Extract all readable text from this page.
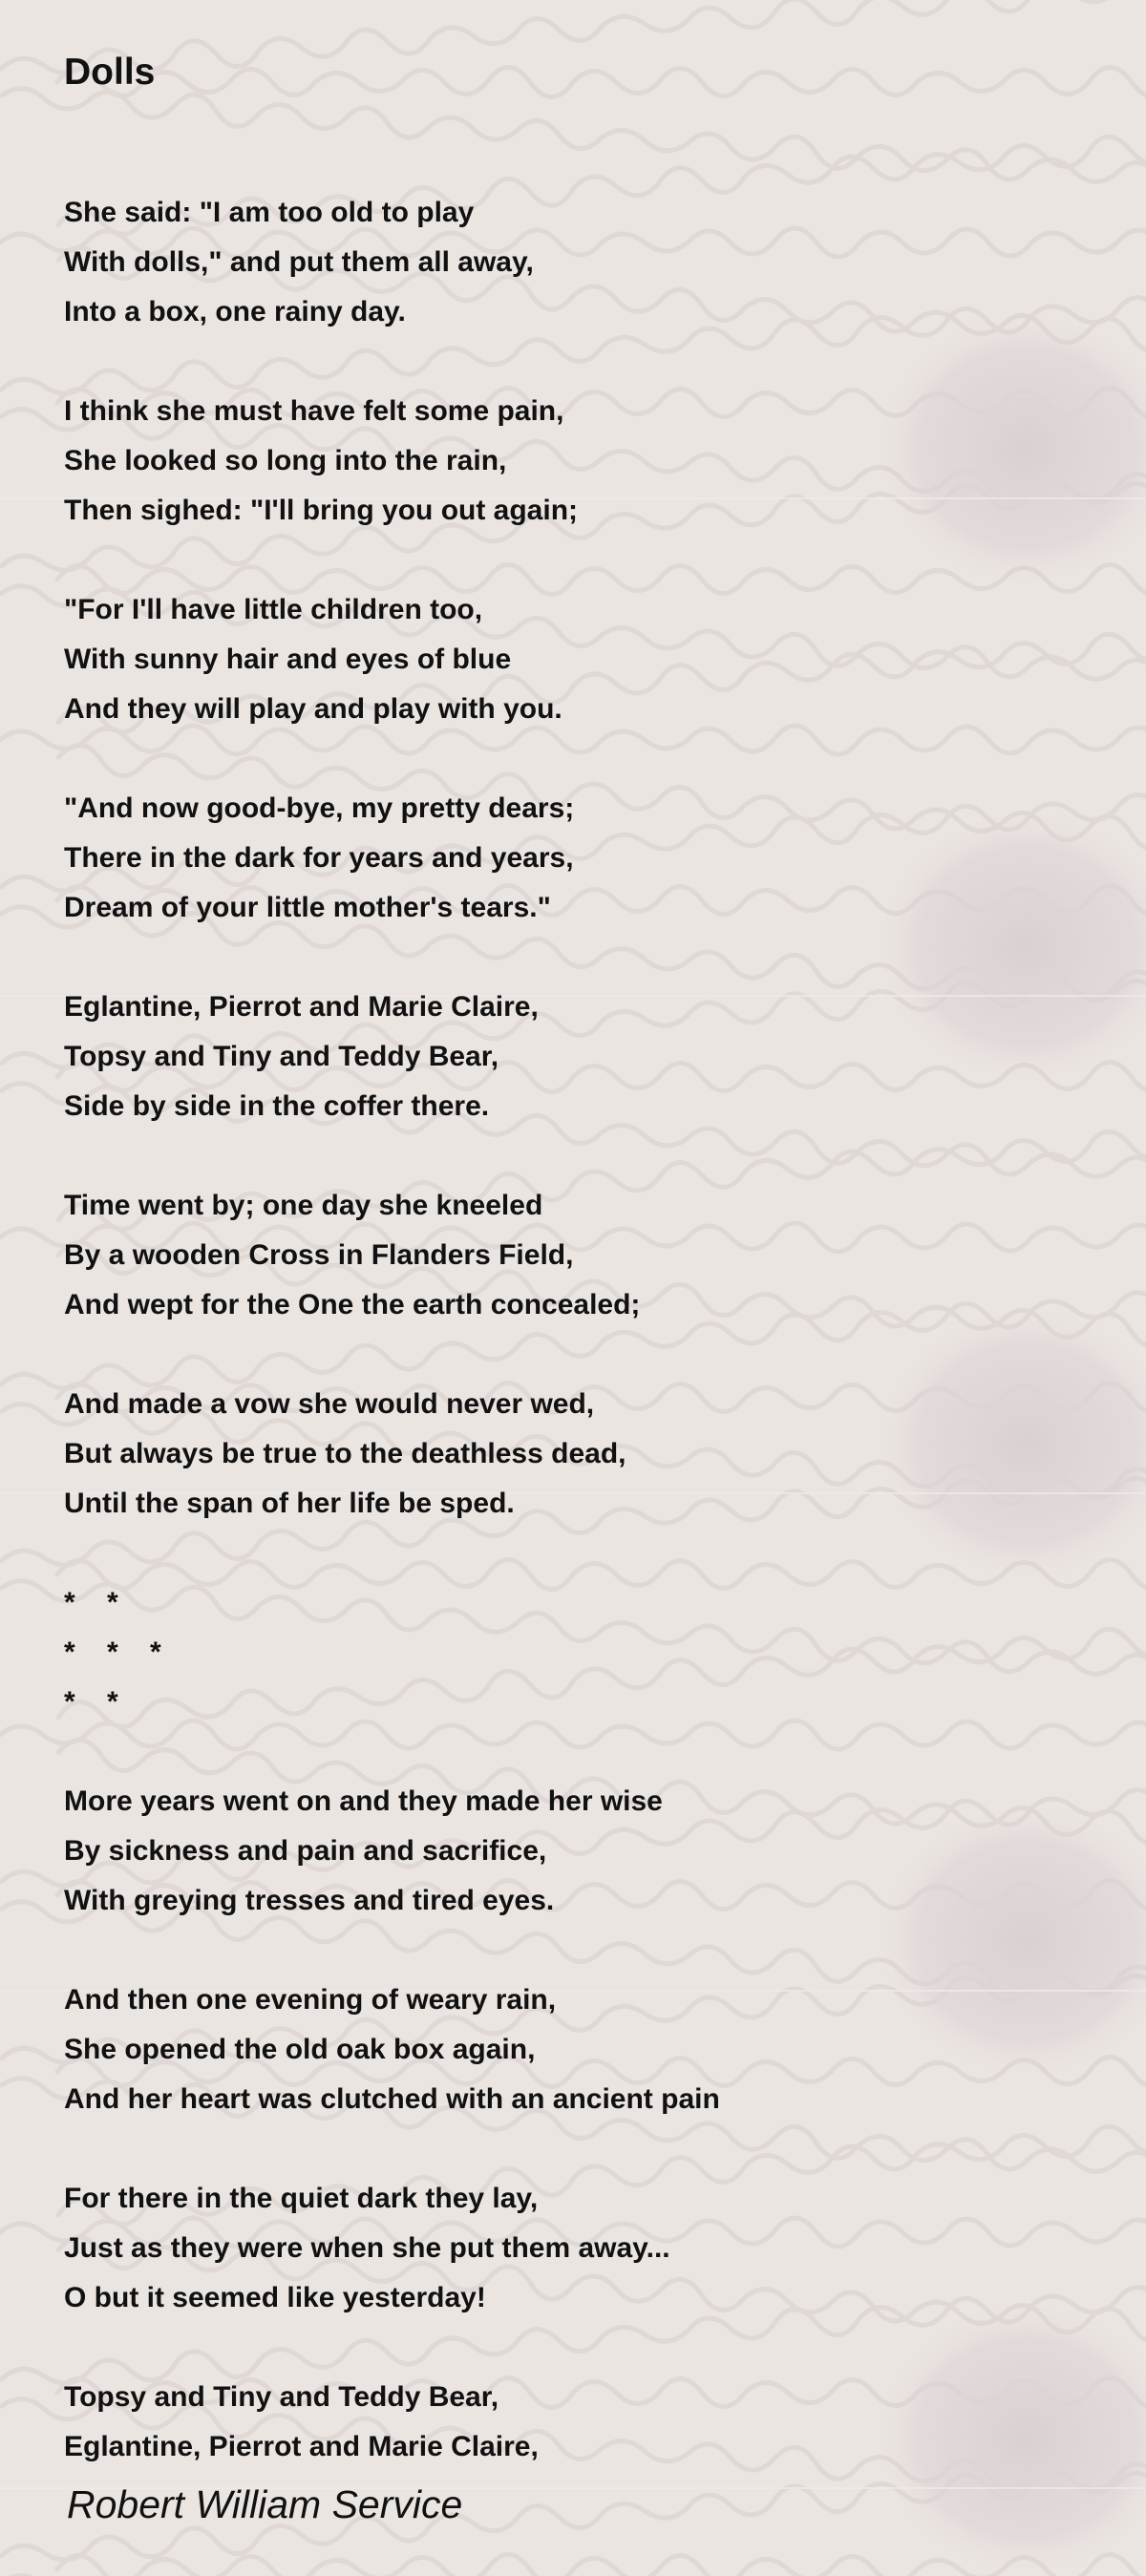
Dolls
She said: "I am too old to play
With dolls," and put them all away,
Into a box, one rainy day.
I think she must have felt some pain,
She looked so long into the rain,
Then sighed: "I'll bring you out again;
"For I'll have little children too,
With sunny hair and eyes of blue
And they will play and play with you.
"And now good-bye, my pretty dears;
There in the dark for years and years,
Dream of your little mother's tears."
Eglantine, Pierrot and Marie Claire,
Topsy and Tiny and Teddy Bear,
Side by side in the coffer there.
Time went by; one day she kneeled
By a wooden Cross in Flanders Field,
And wept for the One the earth concealed;
And made a vow she would never wed,
But always be true to the deathless dead,
Until the span of her life be sped.
*    *
*    *    *
*    *
More years went on and they made her wise
By sickness and pain and sacrifice,
With greying tresses and tired eyes.
And then one evening of weary rain,
She opened the old oak box again,
And her heart was clutched with an ancient pain
For there in the quiet dark they lay,
Just as they were when she put them away...
O but it seemed like yesterday!
Topsy and Tiny and Teddy Bear,
Eglantine, Pierrot and Marie Claire,
Robert William Service
